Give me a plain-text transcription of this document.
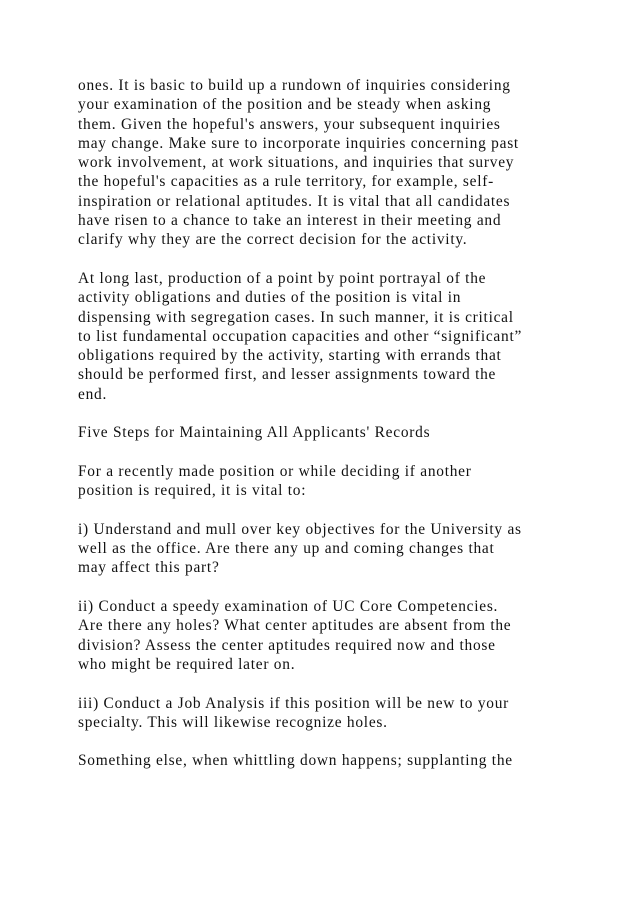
ones. It is basic to build up a rundown of inquiries considering
your examination of the position and be steady when asking
them. Given the hopeful's answers, your subsequent inquiries
may change. Make sure to incorporate inquiries concerning past
work involvement, at work situations, and inquiries that survey
the hopeful's capacities as a rule territory, for example, self-
inspiration or relational aptitudes. It is vital that all candidates
have risen to a chance to take an interest in their meeting and
clarify why they are the correct decision for the activity.
At long last, production of a point by point portrayal of the
activity obligations and duties of the position is vital in
dispensing with segregation cases. In such manner, it is critical
to list fundamental occupation capacities and other “significant”
obligations required by the activity, starting with errands that
should be performed first, and lesser assignments toward the
end.
Five Steps for Maintaining All Applicants' Records
For a recently made position or while deciding if another
position is required, it is vital to:
i) Understand and mull over key objectives for the University as
well as the office. Are there any up and coming changes that
may affect this part?
ii) Conduct a speedy examination of UC Core Competencies.
Are there any holes? What center aptitudes are absent from the
division? Assess the center aptitudes required now and those
who might be required later on.
iii) Conduct a Job Analysis if this position will be new to your
specialty. This will likewise recognize holes.
Something else, when whittling down happens; supplanting the
